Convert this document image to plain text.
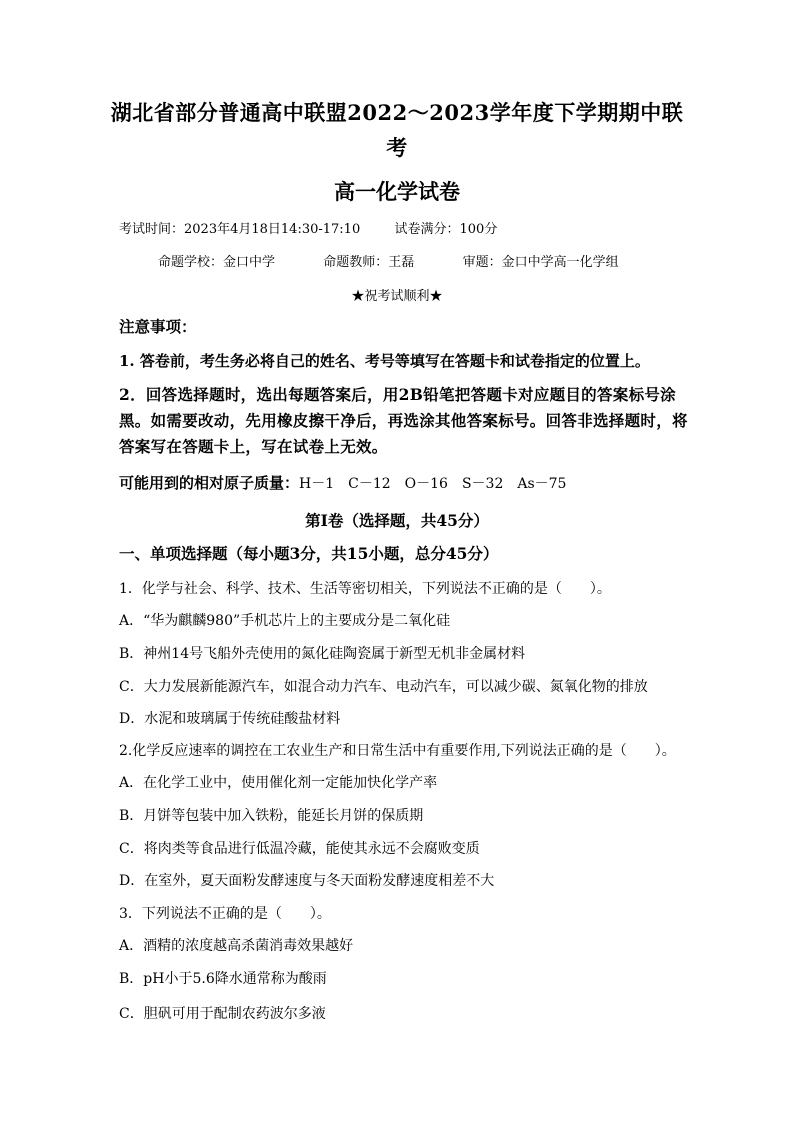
湖北省部分普通高中联盟2022～2023学年度下学期期中联
考
高一化学试卷
考试时间：2023年4月18日14:30-17:10	试卷满分：100分
命题学校：金口中学	命题教师：王磊	审题：金口中学高一化学组
★祝考试顺利★
注意事项：
1. 答卷前，考生务必将自己的姓名、考号等填写在答题卡和试卷指定的位置上。
2．回答选择题时，选出每题答案后，用2B铅笔把答题卡对应题目的答案标号涂黑。如需要改动，先用橡皮擦干净后，再选涂其他答案标号。回答非选择题时，将答案写在答题卡上，写在试卷上无效。
可能用到的相对原子质量：H－1　C－12　O－16　S－32　As－75
第Ⅰ卷（选择题，共45分）
一、单项选择题（每小题3分，共15小题，总分45分）
1．化学与社会、科学、技术、生活等密切相关，下列说法不正确的是（　　）。
A．“华为麒麟980”手机芯片上的主要成分是二氧化硅
B．神州14号飞船外壳使用的氮化硅陶瓷属于新型无机非金属材料
C．大力发展新能源汽车，如混合动力汽车、电动汽车，可以减少碳、氮氧化物的排放
D．水泥和玻璃属于传统硅酸盐材料
2.化学反应速率的调控在工农业生产和日常生活中有重要作用,下列说法正确的是（　　）。
A．在化学工业中，使用催化剂一定能加快化学产率
B．月饼等包装中加入铁粉，能延长月饼的保质期
C．将肉类等食品进行低温冷藏，能使其永远不会腐败变质
D．在室外，夏天面粉发酵速度与冬天面粉发酵速度相差不大
3．下列说法不正确的是（　　）。
A．酒精的浓度越高杀菌消毒效果越好
B．pH小于5.6降水通常称为酸雨
C．胆矾可用于配制农药波尔多液
